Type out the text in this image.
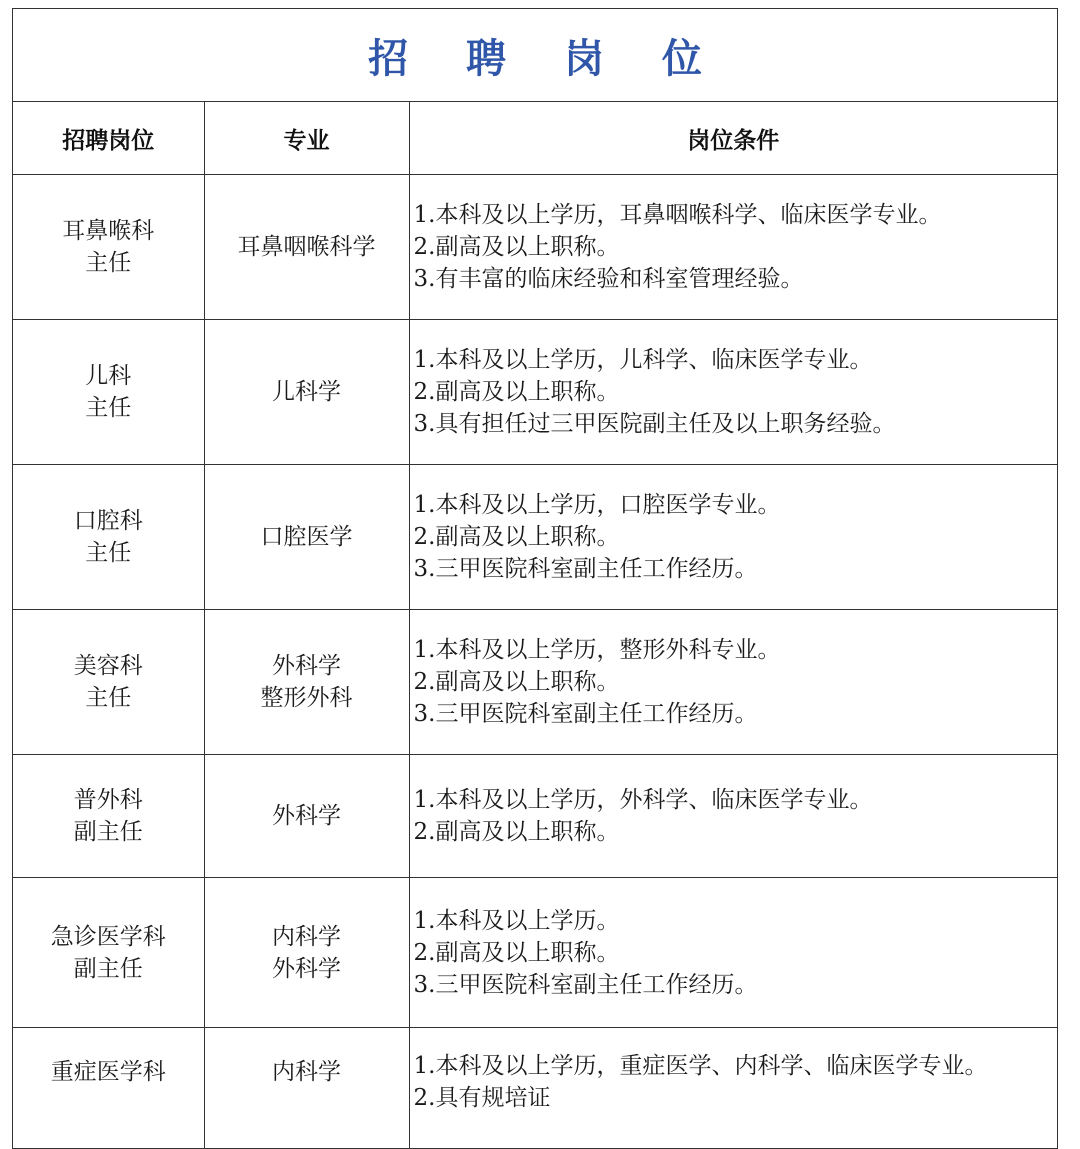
招 聘 岗 位
招聘岗位	专业	岗位条件

耳鼻喉科
主任	耳鼻咽喉科学	1.本科及以上学历，耳鼻咽喉科学、临床医学专业。
2.副高及以上职称。
3.有丰富的临床经验和科室管理经验。

儿科
主任	儿科学	1.本科及以上学历，儿科学、临床医学专业。
2.副高及以上职称。
3.具有担任过三甲医院副主任及以上职务经验。

口腔科
主任	口腔医学	1.本科及以上学历，口腔医学专业。
2.副高及以上职称。
3.三甲医院科室副主任工作经历。

美容科
主任	外科学
整形外科	1.本科及以上学历，整形外科专业。
2.副高及以上职称。
3.三甲医院科室副主任工作经历。

普外科
副主任	外科学	1.本科及以上学历，外科学、临床医学专业。
2.副高及以上职称。

急诊医学科
副主任	内科学
外科学	1.本科及以上学历。
2.副高及以上职称。
3.三甲医院科室副主任工作经历。

重症医学科	内科学	1.本科及以上学历，重症医学、内科学、临床医学专业。
2.具有规培证
